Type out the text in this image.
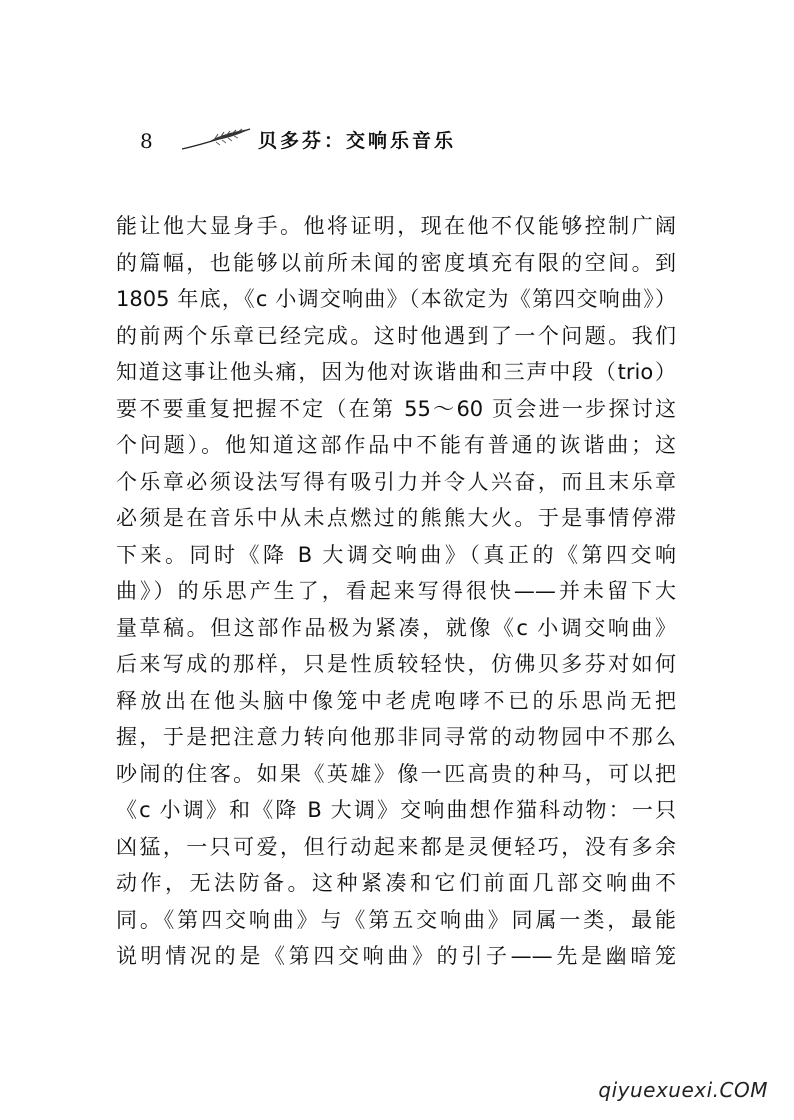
8	贝多芬：交响乐音乐
能让他大显身手。他将证明，现在他不仅能够控制广阔
的篇幅，也能够以前所未闻的密度填充有限的空间。到
1805 年底，《c 小调交响曲》（本欲定为《第四交响曲》）
的前两个乐章已经完成。这时他遇到了一个问题。我们
知道这事让他头痛，因为他对诙谐曲和三声中段（trio）
要不要重复把握不定（在第 55～60 页会进一步探讨这
个问题）。他知道这部作品中不能有普通的诙谐曲；这
个乐章必须设法写得有吸引力并令人兴奋，而且末乐章
必须是在音乐中从未点燃过的熊熊大火。于是事情停滞
下来。同时《降 B 大调交响曲》（真正的《第四交响
曲》）的乐思产生了，看起来写得很快——并未留下大
量草稿。但这部作品极为紧凑，就像《c 小调交响曲》
后来写成的那样，只是性质较轻快，仿佛贝多芬对如何
释放出在他头脑中像笼中老虎咆哮不已的乐思尚无把
握，于是把注意力转向他那非同寻常的动物园中不那么
吵闹的住客。如果《英雄》像一匹高贵的种马，可以把
《c 小调》和《降 B 大调》交响曲想作猫科动物：一只
凶猛，一只可爱，但行动起来都是灵便轻巧，没有多余
动作，无法防备。这种紧凑和它们前面几部交响曲不
同。《第四交响曲》与《第五交响曲》同属一类，最能
说明情况的是《第四交响曲》的引子——先是幽暗笼
qiyuexuexi.COM
